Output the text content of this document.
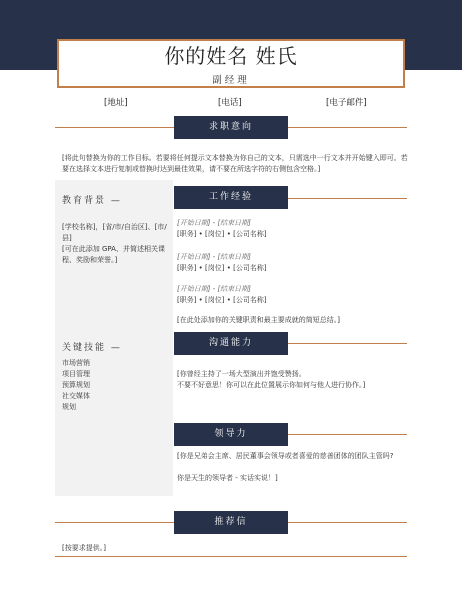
你的姓名 姓氏
副经理
[地址]	[电话]	[电子邮件]
求职意向
[将此句替换为你的工作目标。若要将任何提示文本替换为你自己的文本，只需选中一行文本并开始键入即可。若要在选择文本进行复制或替换时达到最佳效果，请不要在所选字符的右侧包含空格。]
教育背景 —
[学校名称]，[省/市/自治区]、[市/县]
[可在此添加 GPA、并简述相关课程、奖励和荣誉。]
关键技能 —
市场营销
项目管理
预算规划
社交媒体
规划
工作经验
[开始日期] - [结束日期]
[职务] • [岗位] • [公司名称]
[开始日期] - [结束日期]
[职务] • [岗位] • [公司名称]
[开始日期] - [结束日期]
[职务] • [岗位] • [公司名称]
[在此处添加你的关键职责和最主要成就的简短总结。]
沟通能力
[你曾经主持了一场大型演出并饱受赞扬。
不要不好意思！你可以在此位置展示你如何与他人进行协作。]
领导力
[你是兄弟会主席、居民董事会领导或者喜爱的慈善团体的团队主管吗?
你是天生的领导者 - 实话实说！]
推荐信
[按要求提供。]
